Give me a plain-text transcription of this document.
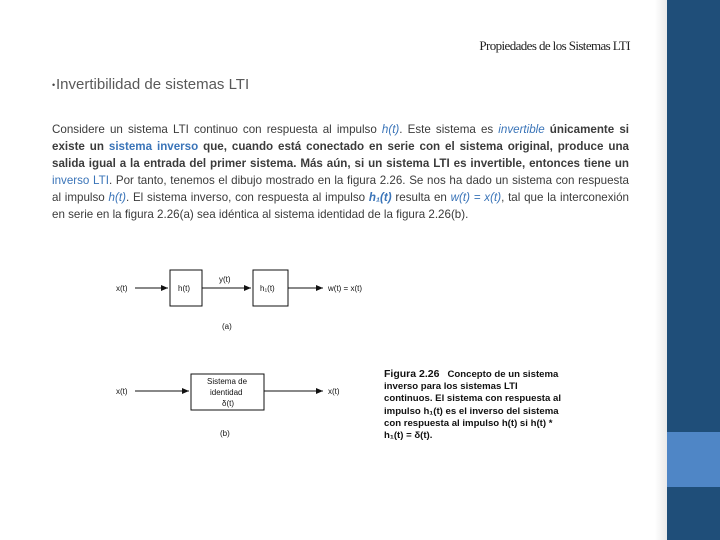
Propiedades de los Sistemas LTI
• Invertibilidad de sistemas LTI

Considere un sistema LTI continuo con respuesta al impulso h(t). Este sistema es invertible únicamente si existe un sistema inverso que, cuando está conectado en serie con el sistema original, produce una salida igual a la entrada del primer sistema. Más aún, si un sistema LTI es invertible, entonces tiene un inverso LTI. Por tanto, tenemos el dibujo mostrado en la figura 2.26. Se nos ha dado un sistema con respuesta al impulso h(t). El sistema inverso, con respuesta al impulso h₁(t) resulta en w(t) = x(t), tal que la interconexión en serie en la figura 2.26(a) sea idéntica al sistema identidad de la figura 2.26(b).

x(t)	h(t)
y(t)
h₁(t)	w(t) = x(t)
(a)
x(t)
Sistema de
identidad
δ(t)
x(t)
(b)

Figura 2.26 Concepto de un sistema inverso para los sistemas LTI continuos. El sistema con respuesta al impulso h₁(t) es el inverso del sistema con respuesta al impulso h(t) si h(t) * h₁(t) = δ(t).
